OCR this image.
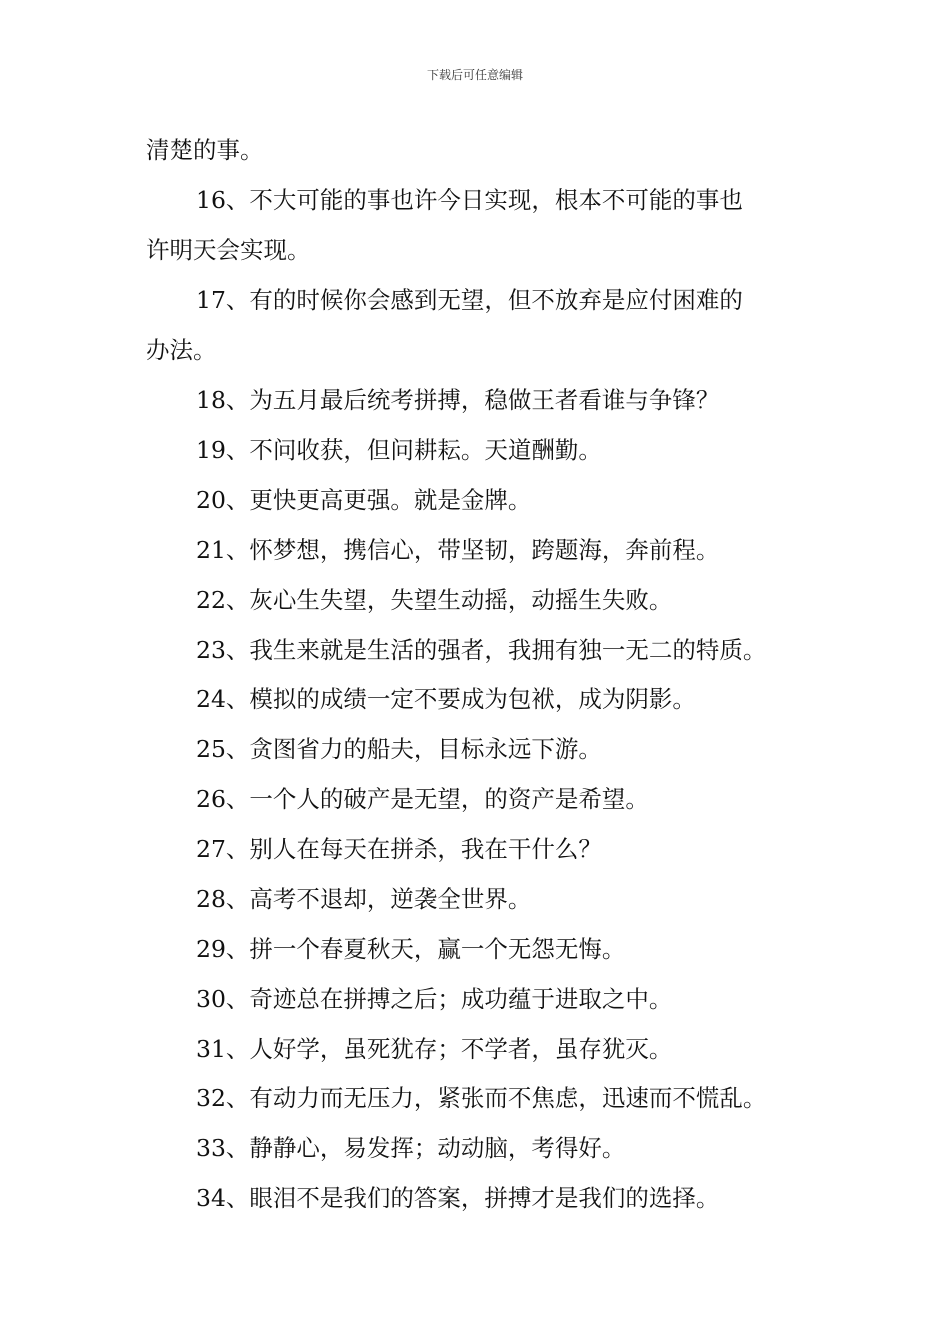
下载后可任意编辑
清楚的事。
16、不大可能的事也许今日实现，根本不可能的事也
许明天会实现。
17、有的时候你会感到无望，但不放弃是应付困难的
办法。
18、为五月最后统考拼搏，稳做王者看谁与争锋？
19、不问收获，但问耕耘。天道酬勤。
20、更快更高更强。就是金牌。
21、怀梦想，携信心，带坚韧，跨题海，奔前程。
22、灰心生失望，失望生动摇，动摇生失败。
23、我生来就是生活的强者，我拥有独一无二的特质。
24、模拟的成绩一定不要成为包袱，成为阴影。
25、贪图省力的船夫，目标永远下游。
26、一个人的破产是无望，的资产是希望。
27、别人在每天在拼杀，我在干什么？
28、高考不退却，逆袭全世界。
29、拼一个春夏秋天，赢一个无怨无悔。
30、奇迹总在拼搏之后；成功蕴于进取之中。
31、人好学，虽死犹存；不学者，虽存犹灭。
32、有动力而无压力，紧张而不焦虑，迅速而不慌乱。
33、静静心，易发挥；动动脑，考得好。
34、眼泪不是我们的答案，拼搏才是我们的选择。
